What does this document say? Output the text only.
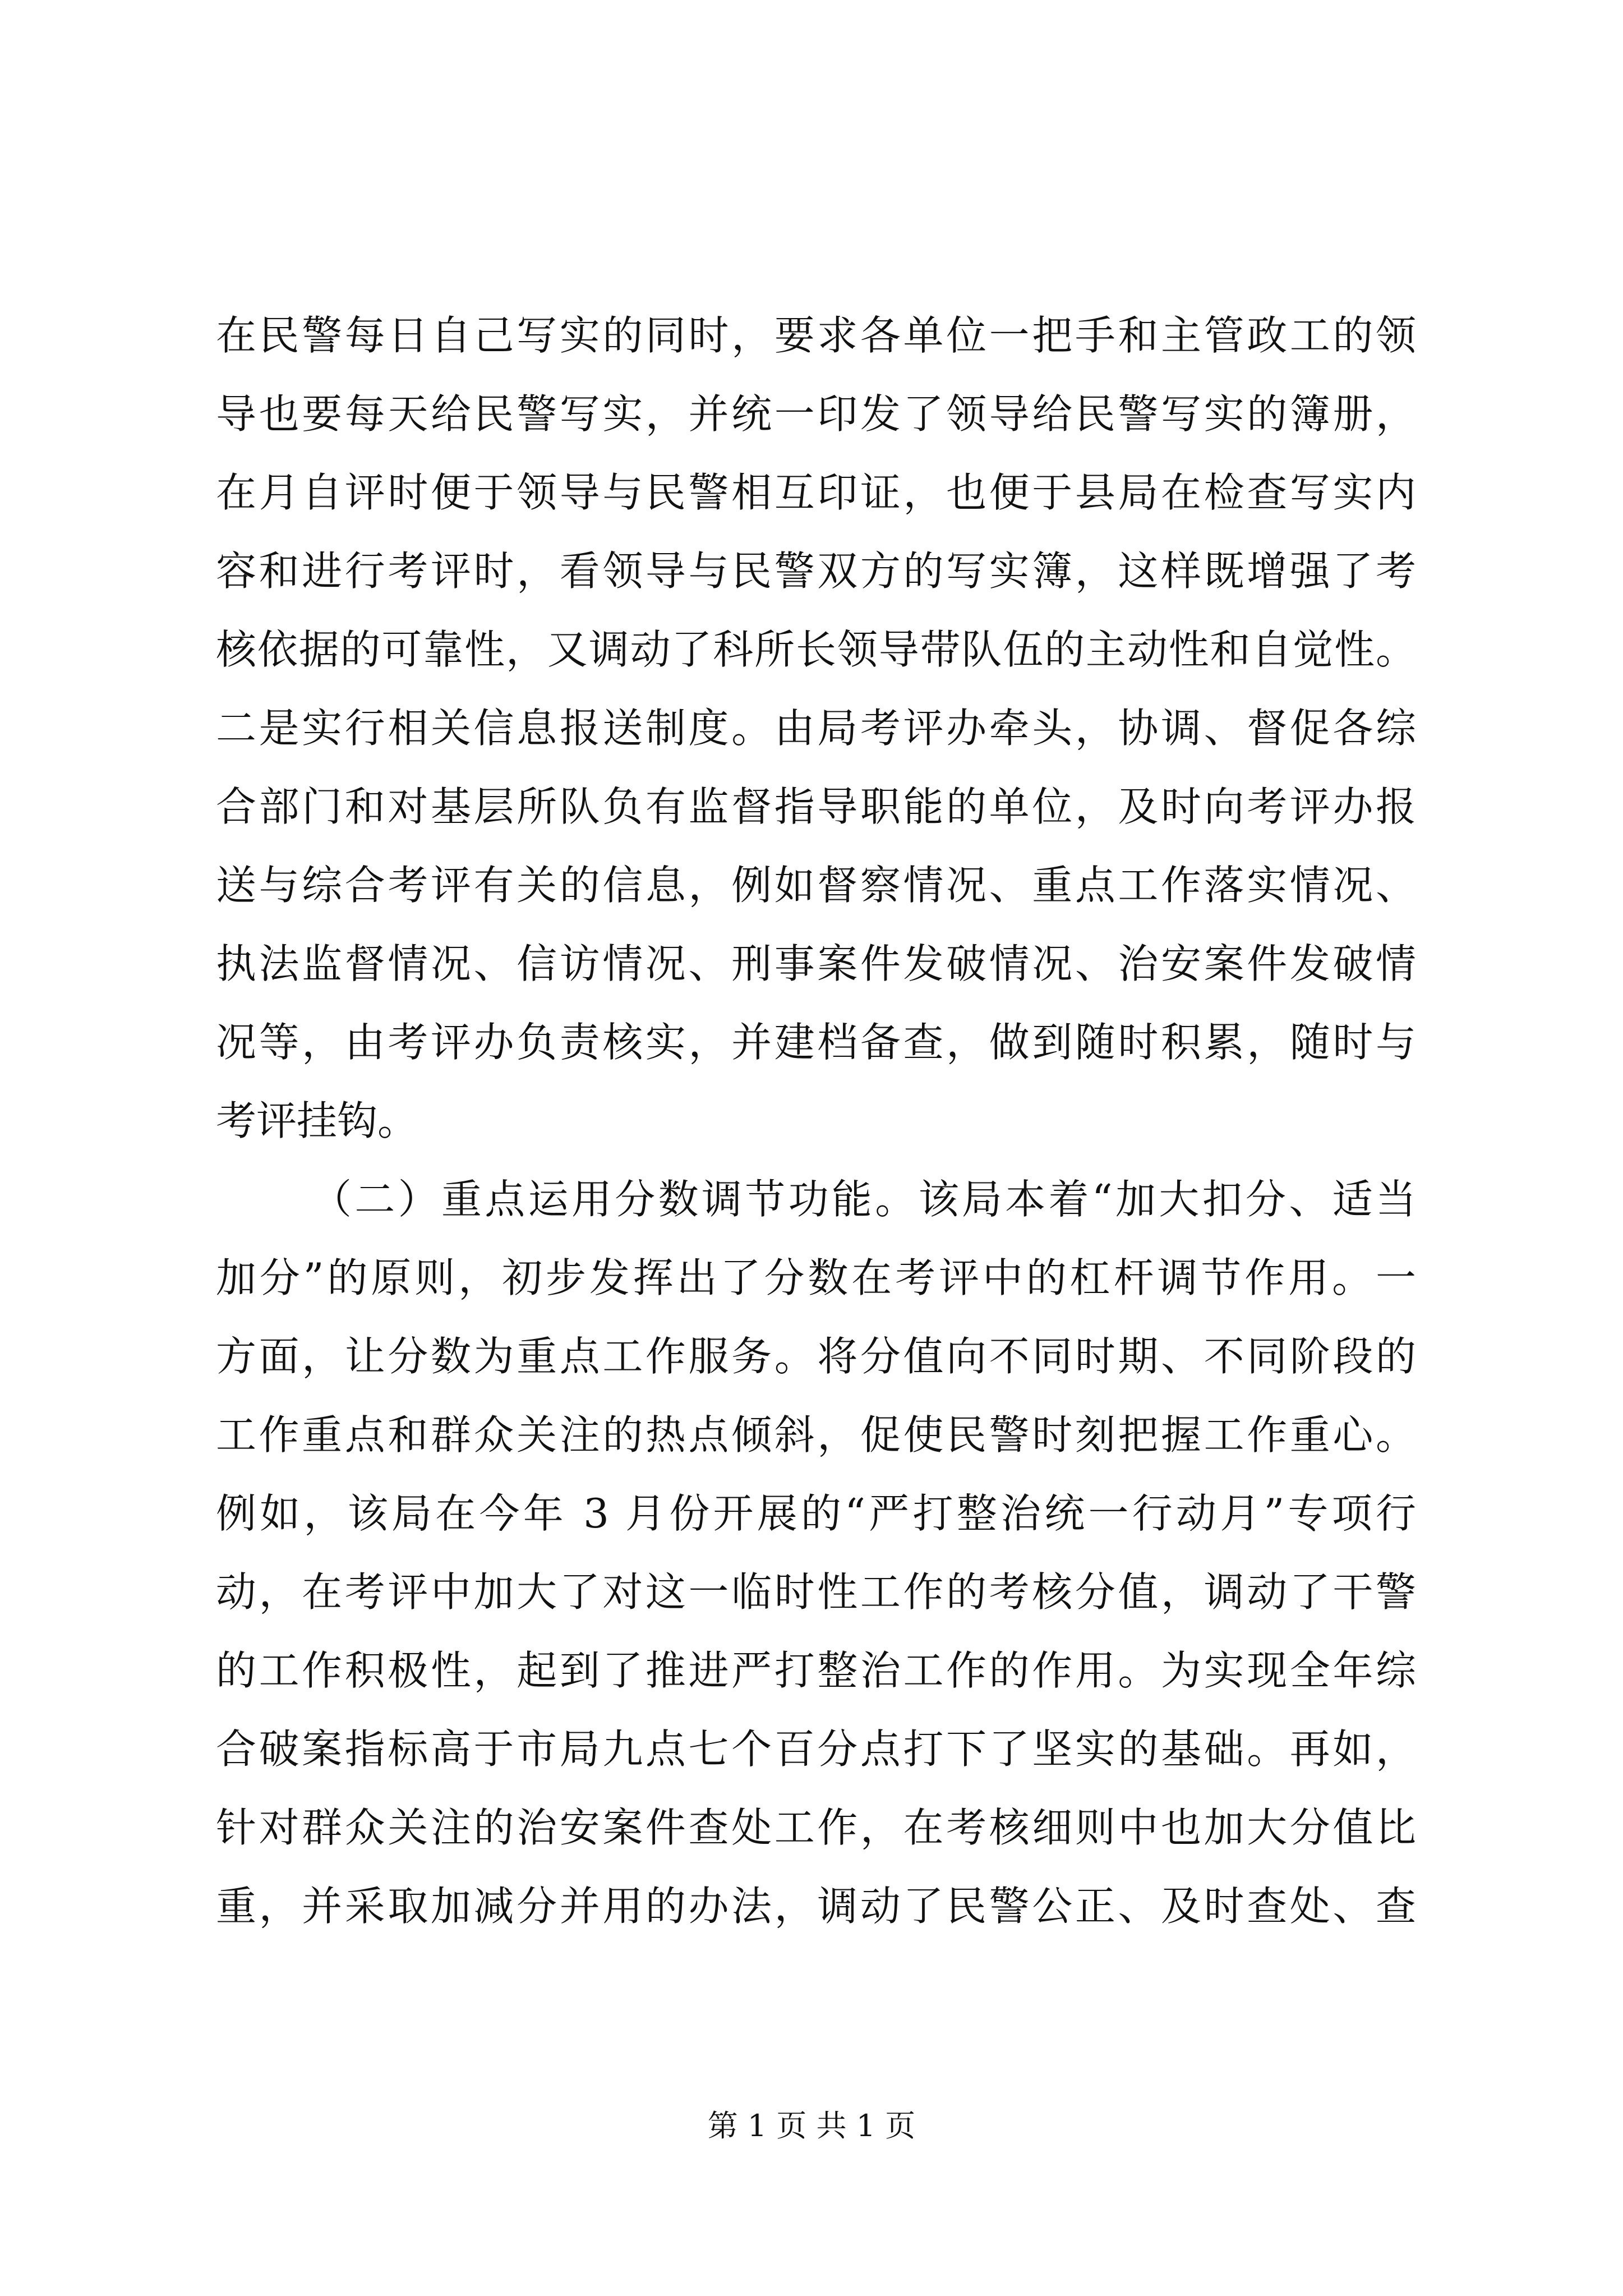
在民警每日自己写实的同时，要求各单位一把手和主管政工的领
导也要每天给民警写实，并统一印发了领导给民警写实的簿册，
在月自评时便于领导与民警相互印证，也便于县局在检查写实内
容和进行考评时，看领导与民警双方的写实簿，这样既增强了考
核依据的可靠性，又调动了科所长领导带队伍的主动性和自觉性。
二是实行相关信息报送制度。由局考评办牵头，协调、督促各综
合部门和对基层所队负有监督指导职能的单位，及时向考评办报
送与综合考评有关的信息，例如督察情况、重点工作落实情况、
执法监督情况、信访情况、刑事案件发破情况、治安案件发破情
况等，由考评办负责核实，并建档备查，做到随时积累，随时与
考评挂钩。
（二）重点运用分数调节功能。该局本着“加大扣分、适当
加分”的原则，初步发挥出了分数在考评中的杠杆调节作用。一
方面，让分数为重点工作服务。将分值向不同时期、不同阶段的
工作重点和群众关注的热点倾斜，促使民警时刻把握工作重心。
例如，该局在今年 3 月份开展的“严打整治统一行动月”专项行
动，在考评中加大了对这一临时性工作的考核分值，调动了干警
的工作积极性，起到了推进严打整治工作的作用。为实现全年综
合破案指标高于市局九点七个百分点打下了坚实的基础。再如，
针对群众关注的治安案件查处工作，在考核细则中也加大分值比
重，并采取加减分并用的办法，调动了民警公正、及时查处、查
第 1 页 共 1 页
